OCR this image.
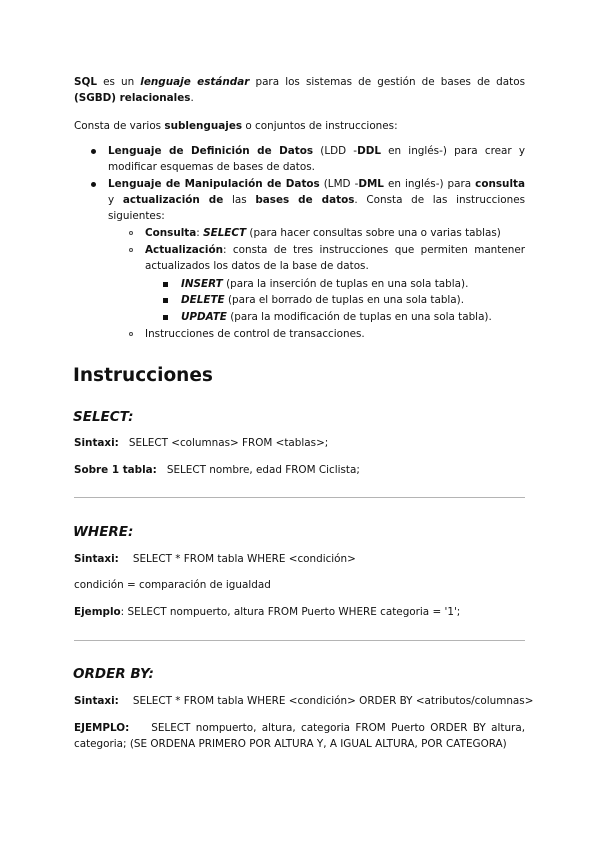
SQL es un lenguaje estándar para los sistemas de gestión de bases de datos (SGBD) relacionales.
Consta de varios sublenguajes o conjuntos de instrucciones:
Lenguaje de Definición de Datos (LDD -DDL en inglés-) para crear y modificar esquemas de bases de datos.
Lenguaje de Manipulación de Datos (LMD -DML en inglés-) para consulta y actualización de las bases de datos. Consta de las instrucciones siguientes:
Consulta: SELECT (para hacer consultas sobre una o varias tablas)
Actualización: consta de tres instrucciones que permiten mantener actualizados los datos de la base de datos.
INSERT (para la inserción de tuplas en una sola tabla).
DELETE (para el borrado de tuplas en una sola tabla).
UPDATE (para la modificación de tuplas en una sola tabla).
Instrucciones de control de transacciones.
Instrucciones
SELECT:
Sintaxi: SELECT <columnas> FROM <tablas>;
Sobre 1 tabla: SELECT nombre, edad FROM Ciclista;
WHERE:
Sintaxi: SELECT * FROM tabla WHERE <condición>
condición = comparación de igualdad
Ejemplo: SELECT nompuerto, altura FROM Puerto WHERE categoria = '1';
ORDER BY:
Sintaxi: SELECT * FROM tabla WHERE <condición> ORDER BY <atributos/columnas>
EJEMPLO: SELECT nompuerto, altura, categoria FROM Puerto ORDER BY altura, categoria; (SE ORDENA PRIMERO POR ALTURA Y, A IGUAL ALTURA, POR CATEGORA)
